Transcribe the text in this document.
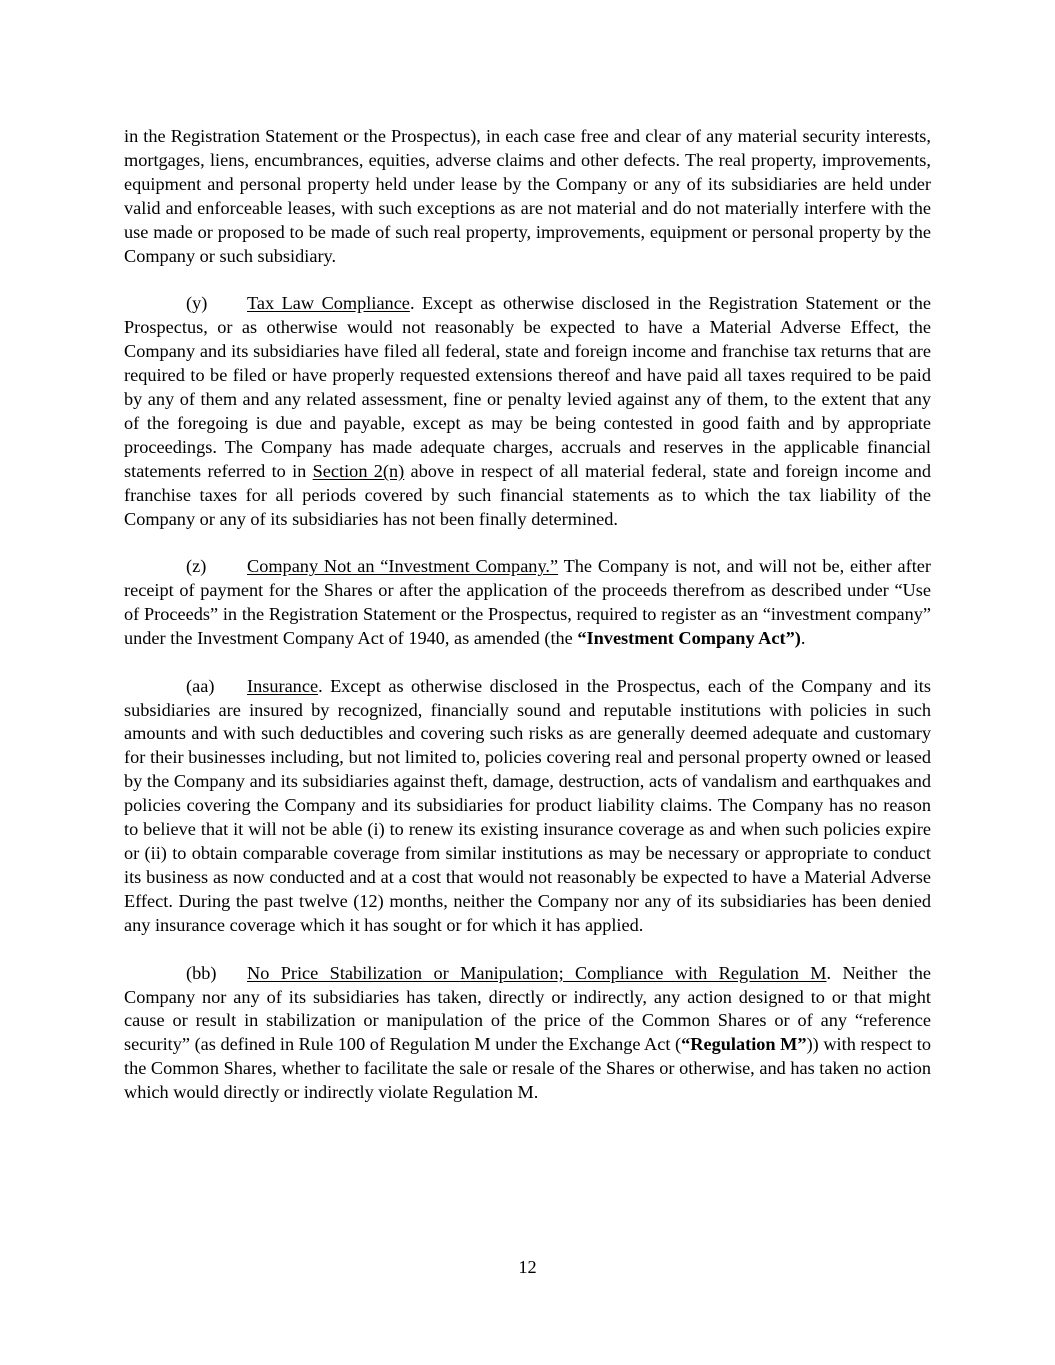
in the Registration Statement or the Prospectus), in each case free and clear of any material security interests, mortgages, liens, encumbrances, equities, adverse claims and other defects. The real property, improvements, equipment and personal property held under lease by the Company or any of its subsidiaries are held under valid and enforceable leases, with such exceptions as are not material and do not materially interfere with the use made or proposed to be made of such real property, improvements, equipment or personal property by the Company or such subsidiary.

(y) Tax Law Compliance. Except as otherwise disclosed in the Registration Statement or the Prospectus, or as otherwise would not reasonably be expected to have a Material Adverse Effect, the Company and its subsidiaries have filed all federal, state and foreign income and franchise tax returns that are required to be filed or have properly requested extensions thereof and have paid all taxes required to be paid by any of them and any related assessment, fine or penalty levied against any of them, to the extent that any of the foregoing is due and payable, except as may be being contested in good faith and by appropriate proceedings. The Company has made adequate charges, accruals and reserves in the applicable financial statements referred to in Section 2(n) above in respect of all material federal, state and foreign income and franchise taxes for all periods covered by such financial statements as to which the tax liability of the Company or any of its subsidiaries has not been finally determined.

(z) Company Not an “Investment Company.” The Company is not, and will not be, either after receipt of payment for the Shares or after the application of the proceeds therefrom as described under “Use of Proceeds” in the Registration Statement or the Prospectus, required to register as an “investment company” under the Investment Company Act of 1940, as amended (the “Investment Company Act”).

(aa) Insurance. Except as otherwise disclosed in the Prospectus, each of the Company and its subsidiaries are insured by recognized, financially sound and reputable institutions with policies in such amounts and with such deductibles and covering such risks as are generally deemed adequate and customary for their businesses including, but not limited to, policies covering real and personal property owned or leased by the Company and its subsidiaries against theft, damage, destruction, acts of vandalism and earthquakes and policies covering the Company and its subsidiaries for product liability claims. The Company has no reason to believe that it will not be able (i) to renew its existing insurance coverage as and when such policies expire or (ii) to obtain comparable coverage from similar institutions as may be necessary or appropriate to conduct its business as now conducted and at a cost that would not reasonably be expected to have a Material Adverse Effect. During the past twelve (12) months, neither the Company nor any of its subsidiaries has been denied any insurance coverage which it has sought or for which it has applied.

(bb) No Price Stabilization or Manipulation; Compliance with Regulation M. Neither the Company nor any of its subsidiaries has taken, directly or indirectly, any action designed to or that might cause or result in stabilization or manipulation of the price of the Common Shares or of any “reference security” (as defined in Rule 100 of Regulation M under the Exchange Act (“Regulation M”)) with respect to the Common Shares, whether to facilitate the sale or resale of the Shares or otherwise, and has taken no action which would directly or indirectly violate Regulation M.

12
